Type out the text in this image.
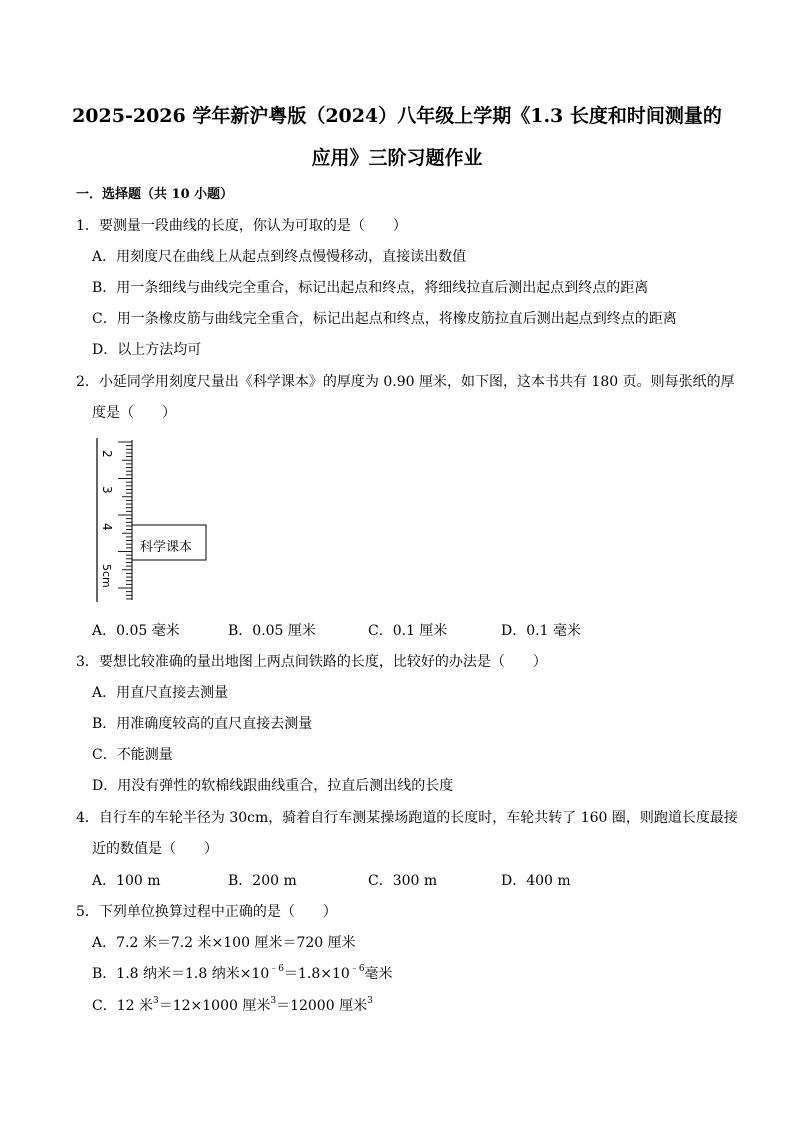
2025-2026 学年新沪粤版（2024）八年级上学期《1.3 长度和时间测量的
应用》三阶习题作业
一．选择题（共 10 小题）
1．要测量一段曲线的长度，你认为可取的是（　　）
A．用刻度尺在曲线上从起点到终点慢慢移动，直接读出数值
B．用一条细线与曲线完全重合，标记出起点和终点，将细线拉直后测出起点到终点的距离
C．用一条橡皮筋与曲线完全重合，标记出起点和终点，将橡皮筋拉直后测出起点到终点的距离
D．以上方法均可
2．小延同学用刻度尺量出《科学课本》的厚度为 0.90 厘米，如下图，这本书共有 180 页。则每张纸的厚
度是（　　）
2
3
4
5cm
科学课本
A．0.05 毫米	B．0.05 厘米	C．0.1 厘米	D．0.1 毫米
3．要想比较准确的量出地图上两点间铁路的长度，比较好的办法是（　　）
A．用直尺直接去测量
B．用准确度较高的直尺直接去测量
C．不能测量
D．用没有弹性的软棉线跟曲线重合，拉直后测出线的长度
4．自行车的车轮半径为 30cm，骑着自行车测某操场跑道的长度时，车轮共转了 160 圈，则跑道长度最接
近的数值是（　　）
A．100 m	B．200 m	C．300 m	D．400 m
5．下列单位换算过程中正确的是（　　）
A．7.2 米＝7.2 米×100 厘米＝720 厘米
B．1.8 纳米＝1.8 纳米$\times 10^{﹣6}=1.8\times 10^{﹣6}$毫米
C．12 米$^3$＝12×1000 厘米$^3$＝12000 厘米$^3$
